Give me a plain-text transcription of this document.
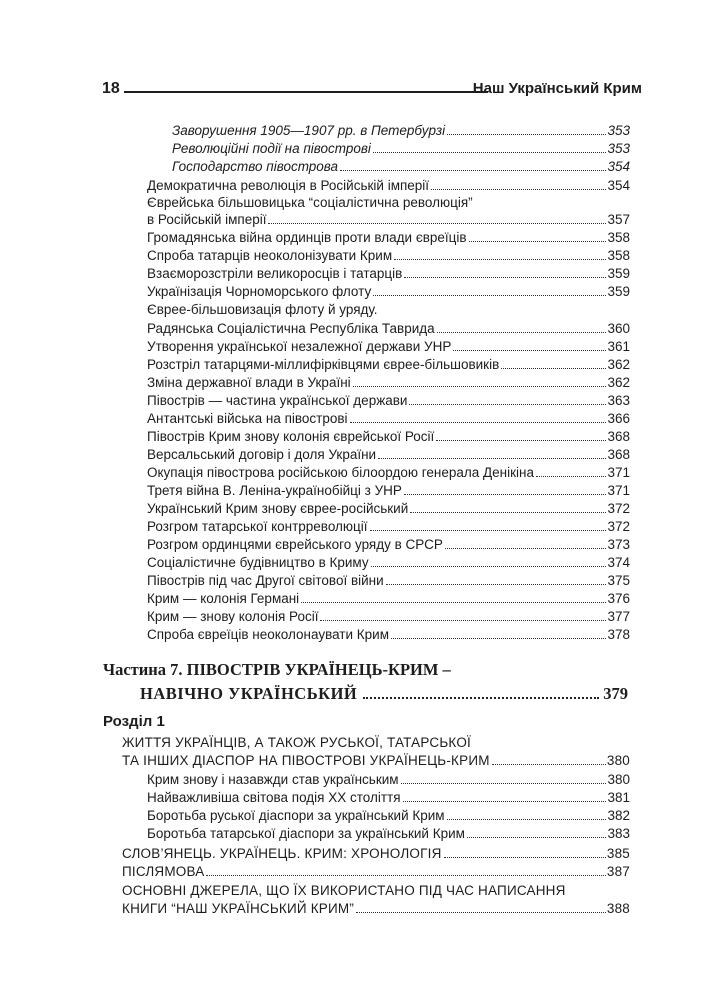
18	Наш Український Крим
Заворушення 1905—1907 рр. в Петербурзі	353
Революційні події на півострові	353
Господарство півострова	354
Демократична революція в Російській імперії	354
Єврейська більшовицька “соціалістична революція”
в Російській імперії	357
Громадянська війна ординців проти влади євреїців	358
Спроба татарців неоколонізувати Крим	358
Взаєморозстріли великоросців і татарців	359
Українізація Чорноморського флоту	359
Єврее-більшовизація флоту й уряду.
Радянська Соціалістична Республіка Таврида	360
Утворення української незалежної держави УНР	361
Розстріл татарцями-міллифірківцями єврее-більшовиків	362
Зміна державної влади в Україні	362
Півострів — частина української держави	363
Антантські війська на півострові	366
Півострів Крим знову колонія єврейської Росії	368
Версальський договір і доля України	368
Окупація півострова російською білоордою генерала Денікіна	371
Третя війна В. Леніна-українобійці з УНР	371
Український Крим знову єврее-російський	372
Розгром татарської контрреволюції	372
Розгром ординцями єврейського уряду в СРСР	373
Соціалістичне будівництво в Криму	374
Півострів під час Другої світової війни	375
Крим — колонія Германі	376
Крим — знову колонія Росії	377
Спроба євреїців неоколонаувати Крим	378
Частина 7. ПІВОСТРІВ УКРАЇНЕЦЬ-КРИМ –
НАВІЧНО УКРАЇНСЬКИЙ	379
Розділ 1
ЖИТТЯ УКРАЇНЦІВ, А ТАКОЖ РУСЬКОЇ, ТАТАРСЬКОЇ
ТА ІНШИХ ДІАСПОР НА ПІВОСТРОВІ УКРАЇНЕЦЬ-КРИМ	380
Крим знову і назавжди став українським	380
Найважливіша світова подія XX століття	381
Боротьба руської діаспори за український Крим	382
Боротьба татарської діаспори за український Крим	383
СЛОВ’ЯНЕЦЬ. УКРАЇНЕЦЬ. КРИМ: ХРОНОЛОГІЯ	385
ПІСЛЯМОВА	387
ОСНОВНІ ДЖЕРЕЛА, ЩО ЇХ ВИКОРИСТАНО ПІД ЧАС НАПИСАННЯ
КНИГИ “НАШ УКРАЇНСЬКИЙ КРИМ”	388
